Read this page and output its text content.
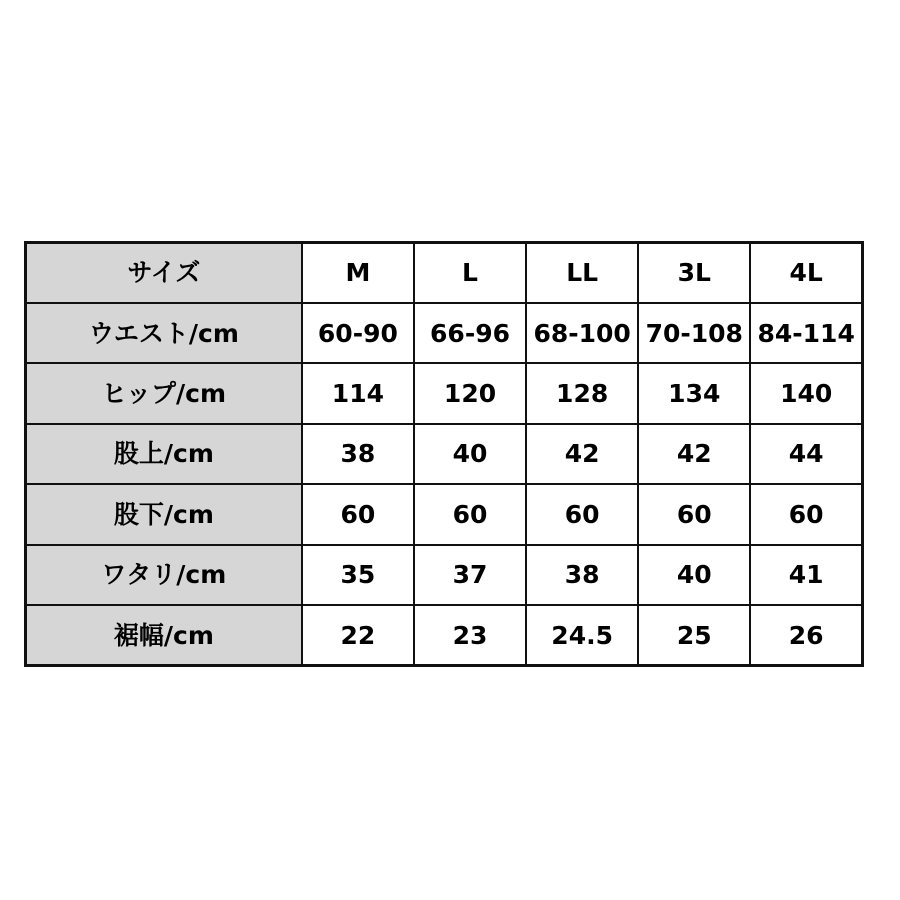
サイズ	M	L	LL	3L	4L
ウエスト/cm	60-90	66-96	68-100	70-108	84-114
ヒップ/cm	114	120	128	134	140
股上/cm	38	40	42	42	44
股下/cm	60	60	60	60	60
ワタリ/cm	35	37	38	40	41
裾幅/cm	22	23	24.5	25	26
